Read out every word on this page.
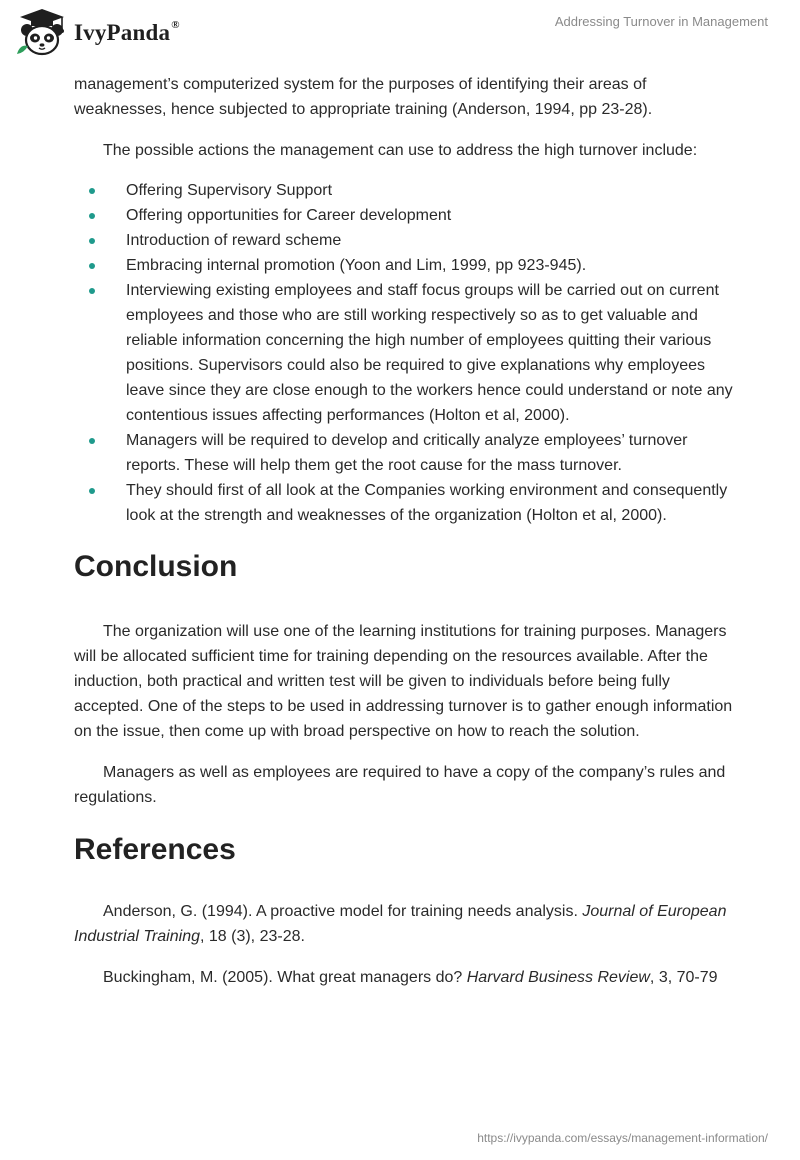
IvyPanda®	Addressing Turnover in Management

management’s computerized system for the purposes of identifying their areas of weaknesses, hence subjected to appropriate training (Anderson, 1994, pp 23-28).

The possible actions the management can use to address the high turnover include:

Offering Supervisory Support
Offering opportunities for Career development
Introduction of reward scheme
Embracing internal promotion (Yoon and Lim, 1999, pp 923-945).
Interviewing existing employees and staff focus groups will be carried out on current employees and those who are still working respectively so as to get valuable and reliable information concerning the high number of employees quitting their various positions. Supervisors could also be required to give explanations why employees leave since they are close enough to the workers hence could understand or note any contentious issues affecting performances (Holton et al, 2000).
Managers will be required to develop and critically analyze employees’ turnover reports. These will help them get the root cause for the mass turnover.
They should first of all look at the Companies working environment and consequently look at the strength and weaknesses of the organization (Holton et al, 2000).
Conclusion

The organization will use one of the learning institutions for training purposes. Managers will be allocated sufficient time for training depending on the resources available. After the induction, both practical and written test will be given to individuals before being fully accepted. One of the steps to be used in addressing turnover is to gather enough information on the issue, then come up with broad perspective on how to reach the solution.

Managers as well as employees are required to have a copy of the company’s rules and regulations.

References

Anderson, G. (1994). A proactive model for training needs analysis. Journal of European Industrial Training, 18 (3), 23-28.

Buckingham, M. (2005). What great managers do? Harvard Business Review, 3, 70-79

https://ivypanda.com/essays/management-information/
